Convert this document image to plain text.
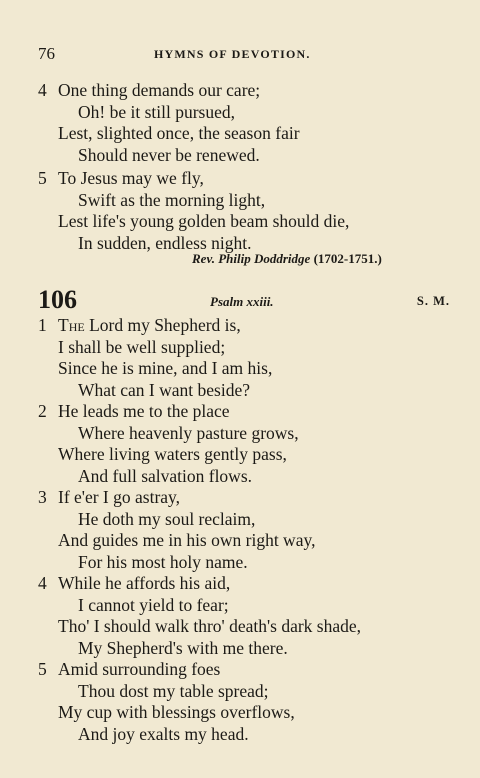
76	HYMNS OF DEVOTION.
4 One thing demands our care;
Oh! be it still pursued,
Lest, slighted once, the season fair
Should never be renewed.
5 To Jesus may we fly,
Swift as the morning light,
Lest life's young golden beam should die,
In sudden, endless night.
Rev. Philip Doddridge (1702-1751.)
106	Psalm xxiii.	S. M.
1 The Lord my Shepherd is,
I shall be well supplied;
Since he is mine, and I am his,
What can I want beside?
2 He leads me to the place
Where heavenly pasture grows,
Where living waters gently pass,
And full salvation flows.
3 If e'er I go astray,
He doth my soul reclaim,
And guides me in his own right way,
For his most holy name.
4 While he affords his aid,
I cannot yield to fear;
Tho' I should walk thro' death's dark shade,
My Shepherd's with me there.
5 Amid surrounding foes
Thou dost my table spread;
My cup with blessings overflows,
And joy exalts my head.
